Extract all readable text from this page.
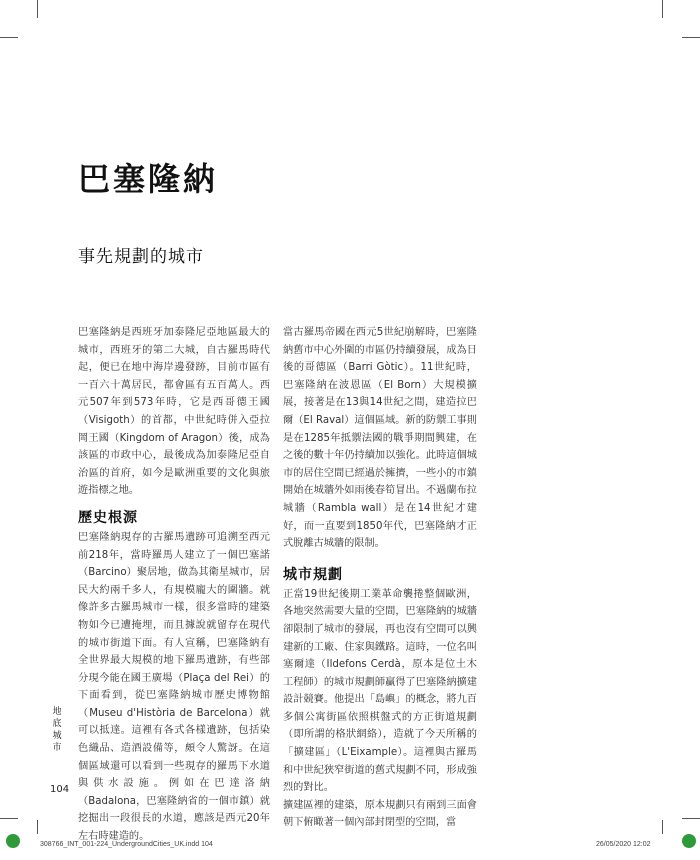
巴塞隆納
事先規劃的城市

巴塞隆納是西班牙加泰隆尼亞地區最大的城市，西班牙的第二大城，自古羅馬時代起，便已在地中海岸邊發跡，目前市區有一百六十萬居民，都會區有五百萬人。西元507年到573年時，它是西哥德王國（Visigoth）的首都，中世紀時併入亞拉岡王國（Kingdom of Aragon）後，成為該區的市政中心，最後成為加泰隆尼亞自治區的首府，如今是歐洲重要的文化與旅遊指標之地。

歷史根源

巴塞隆納現存的古羅馬遺跡可追溯至西元前218年，當時羅馬人建立了一個巴塞諾（Barcino）聚居地，做為其衛星城市，居民大約兩千多人，有規模龐大的圍牆。就像許多古羅馬城市一樣，很多當時的建築物如今已遭掩埋，而且據說就留存在現代的城市街道下面。有人宣稱，巴塞隆納有全世界最大規模的地下羅馬遺跡，有些部分現今能在國王廣場（Plaça del Rei）的下面看到，從巴塞隆納城市歷史博物館（Museu d'Història de Barcelona）就可以抵達。這裡有各式各樣遺跡，包括染色織品、造酒設備等，頗令人驚訝。在這個區域還可以看到一些現存的羅馬下水道與供水設施。例如在巴達洛納（Badalona，巴塞隆納省的一個市鎮）就挖掘出一段很長的水道，應該是西元20年左右時建造的。

當古羅馬帝國在西元5世紀崩解時，巴塞隆納舊市中心外圍的市區仍持續發展，成為日後的哥德區（Barri Gòtic）。11世紀時，巴塞隆納在波恩區（El Born）大規模擴展，接著是在13與14世紀之間，建造拉巴爾（El Raval）這個區域。新的防禦工事則是在1285年抵禦法國的戰爭期間興建，在之後的數十年仍持續加以強化。此時這個城市的居住空間已經過於擁擠，一些小的市鎮開始在城牆外如雨後春筍冒出。不過蘭布拉城牆（Rambla wall）是在14世紀才建好，而一直要到1850年代，巴塞隆納才正式脫離古城牆的限制。

城市規劃

正當19世紀後期工業革命襲捲整個歐洲，各地突然需要大量的空間，巴塞隆納的城牆卻限制了城市的發展，再也沒有空間可以興建新的工廠、住家與鐵路。這時，一位名叫塞爾達（Ildefons Cerdà，原本是位土木工程師）的城市規劃師贏得了巴塞隆納擴建設計競賽。他提出「島嶼」的概念，將九百多個公寓街區依照棋盤式的方正街道規劃（即所謂的格狀網絡），造就了今天所稱的「擴建區」（L'Eixample）。這裡與古羅馬和中世紀狹窄街道的舊式規劃不同，形成強烈的對比。

擴建區裡的建築，原本規劃只有兩到三面會朝下俯瞰著一個內部封閉型的空間，當

地
底
城
市
104
308766_INT_001-224_UndergroundCities_UK.indd 104	26/05/2020 12:02
